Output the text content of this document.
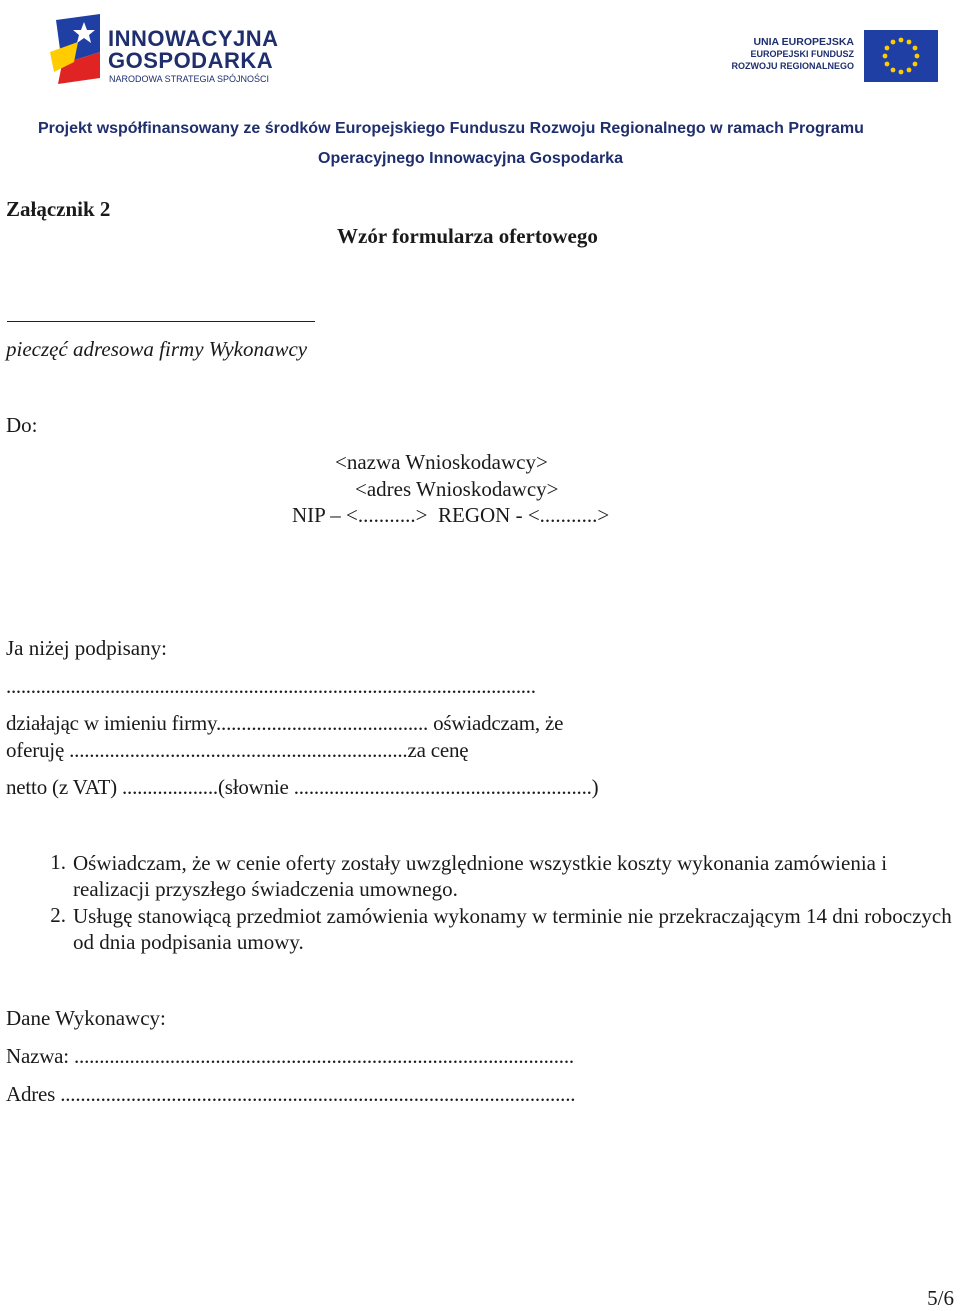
INNOWACYJNA
GOSPODARKA
NARODOWA STRATEGIA SPÓJNOŚCI
UNIA EUROPEJSKA
EUROPEJSKI FUNDUSZ
ROZWOJU REGIONALNEGO
Projekt współfinansowany ze środków Europejskiego Funduszu Rozwoju Regionalnego w ramach Programu
Operacyjnego Innowacyjna Gospodarka
Załącznik 2
Wzór formularza ofertowego
pieczęć adresowa firmy Wykonawcy
Do:
<nazwa Wnioskodawcy>
<adres Wnioskodawcy>
NIP – <...........>  REGON - <...........>
Ja niżej podpisany:
...........................................................................................................
działając w imieniu firmy.......................................... oświadczam, że
oferuję ...................................................................za cenę
netto (z VAT) ...................(słownie ...........................................................)
1. Oświadczam, że w cenie oferty zostały uwzględnione wszystkie koszty wykonania zamówienia i realizacji przyszłego świadczenia umownego.
2. Usługę stanowiącą przedmiot zamówienia wykonamy w terminie nie przekraczającym 14 dni roboczych od dnia podpisania umowy.
Dane Wykonawcy:
Nazwa: ...................................................................................................
Adres ......................................................................................................
5/6
